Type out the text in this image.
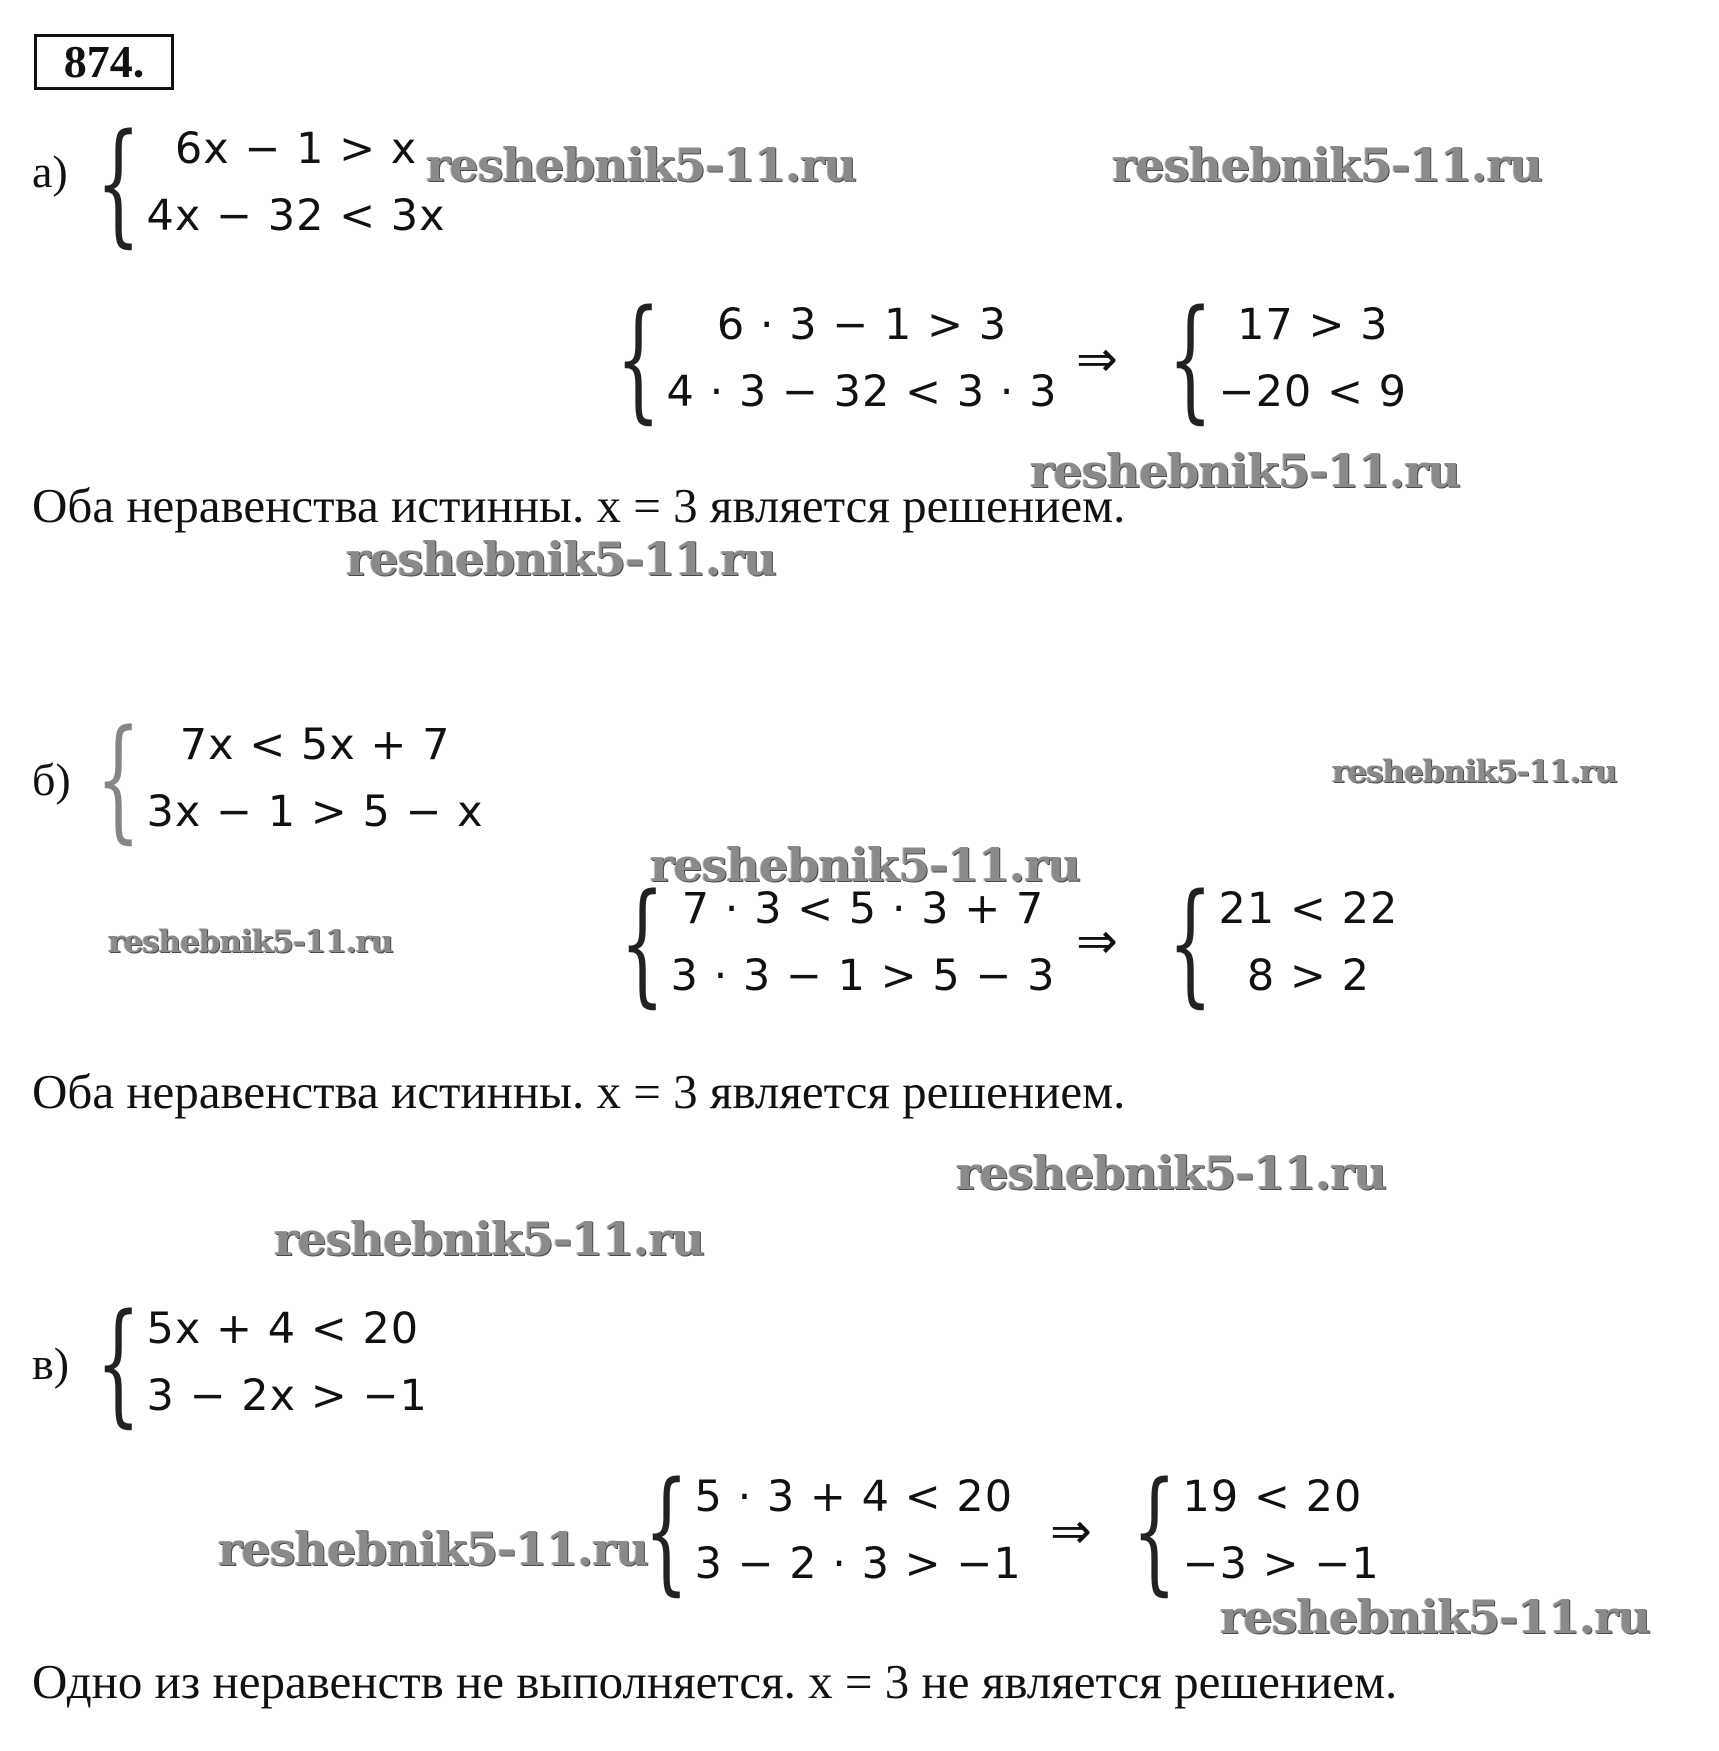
874.
а) { 6x − 1 > x
4x − 32 < 3x
{	6 · 3 − 1 > 3
4 · 3 − 32 < 3 · 3
⇒ { 17 > 3
−20 < 9
Оба неравенства истинны. x = 3 является решением.
б) { 7x < 5x + 7
3x − 1 > 5 − x
{ 7 · 3 < 5 · 3 + 7
3 · 3 − 1 > 5 − 3
⇒ { 21 < 22
8 > 2
Оба неравенства истинны. x = 3 является решением.
в) { 5x + 4 < 20
3 − 2x > −1
{ 5 · 3 + 4 < 20
3 − 2 · 3 > −1
⇒ { 19 < 20
−3 > −1
Одно из неравенств не выполняется. x = 3 не является решением.
reshebnik5-11.ru	reshebnik5-11.ru
reshebnik5-11.ru
reshebnik5-11.ru
reshebnik5-11.ru
reshebnik5-11.ru
reshebnik5-11.ru
reshebnik5-11.ru
reshebnik5-11.ru
reshebnik5-11.ru
reshebnik5-11.ru
